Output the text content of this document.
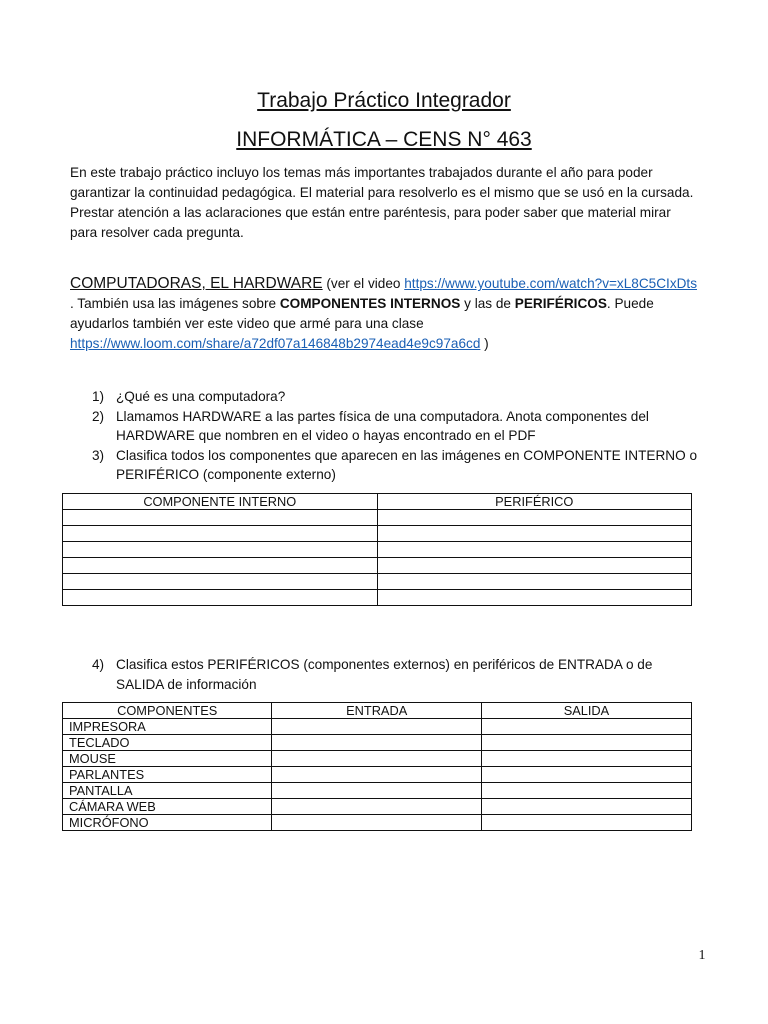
Trabajo Práctico Integrador
INFORMÁTICA – CENS N° 463

En este trabajo práctico incluyo los temas más importantes trabajados durante el año para poder garantizar la continuidad pedagógica. El material para resolverlo es el mismo que se usó en la cursada. Prestar atención a las aclaraciones que están entre paréntesis, para poder saber que material mirar para resolver cada pregunta.

COMPUTADORAS, EL HARDWARE (ver el video https://www.youtube.com/watch?v=xL8C5CIxDts . También usa las imágenes sobre COMPONENTES INTERNOS y las de PERIFÉRICOS. Puede ayudarlos también ver este video que armé para una clase https://www.loom.com/share/a72df07a146848b2974ead4e9c97a6cd )

1) ¿Qué es una computadora?
2) Llamamos HARDWARE a las partes física de una computadora. Anota componentes del HARDWARE que nombren en el video o hayas encontrado en el PDF
3) Clasifica todos los componentes que aparecen en las imágenes en COMPONENTE INTERNO o PERIFÉRICO (componente externo)
COMPONENTE INTERNO	PERIFÉRICO

4) Clasifica estos PERIFÉRICOS (componentes externos) en periféricos de ENTRADA o de SALIDA de información
COMPONENTES	ENTRADA	SALIDA
IMPRESORA		
TECLADO		
MOUSE		
PARLANTES		
PANTALLA		
CÁMARA WEB		
MICRÓFONO		
1
